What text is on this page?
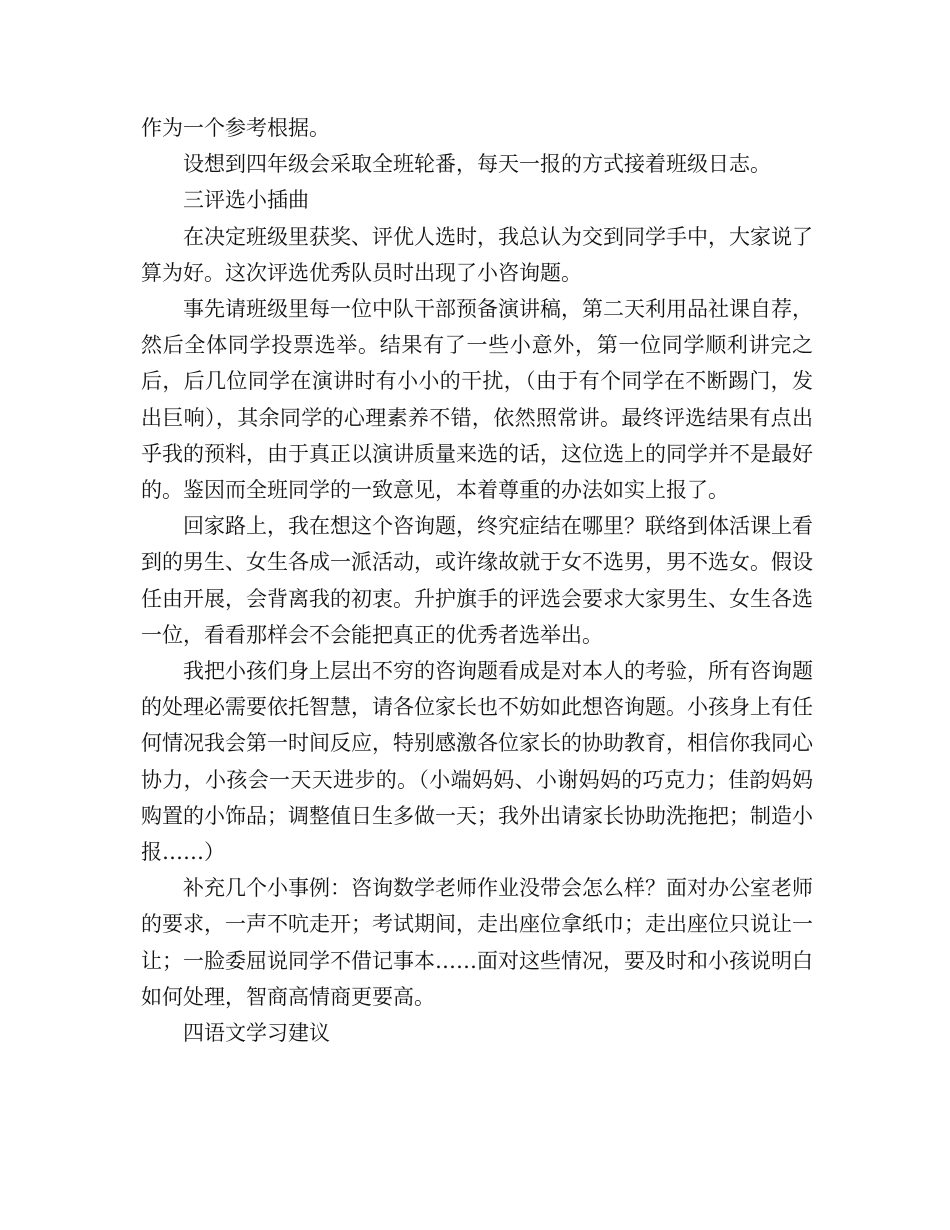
作为一个参考根据。

设想到四年级会采取全班轮番，每天一报的方式接着班级日志。

三评选小插曲

在决定班级里获奖、评优人选时，我总认为交到同学手中，大家说了算为好。这次评选优秀队员时出现了小咨询题。

事先请班级里每一位中队干部预备演讲稿，第二天利用品社课自荐，然后全体同学投票选举。结果有了一些小意外，第一位同学顺利讲完之后，后几位同学在演讲时有小小的干扰，（由于有个同学在不断踢门，发出巨响），其余同学的心理素养不错，依然照常讲。最终评选结果有点出乎我的预料，由于真正以演讲质量来选的话，这位选上的同学并不是最好的。鉴因而全班同学的一致意见，本着尊重的办法如实上报了。

回家路上，我在想这个咨询题，终究症结在哪里？联络到体活课上看到的男生、女生各成一派活动，或许缘故就于女不选男，男不选女。假设任由开展，会背离我的初衷。升护旗手的评选会要求大家男生、女生各选一位，看看那样会不会能把真正的优秀者选举出。

我把小孩们身上层出不穷的咨询题看成是对本人的考验，所有咨询题的处理必需要依托智慧，请各位家长也不妨如此想咨询题。小孩身上有任何情况我会第一时间反应，特别感激各位家长的协助教育，相信你我同心协力，小孩会一天天进步的。（小端妈妈、小谢妈妈的巧克力；佳韵妈妈购置的小饰品；调整值日生多做一天；我外出请家长协助洗拖把；制造小报……）

补充几个小事例：咨询数学老师作业没带会怎么样？面对办公室老师的要求，一声不吭走开；考试期间，走出座位拿纸巾；走出座位只说让一让；一脸委屈说同学不借记事本……面对这些情况，要及时和小孩说明白如何处理，智商高情商更要高。

四语文学习建议
